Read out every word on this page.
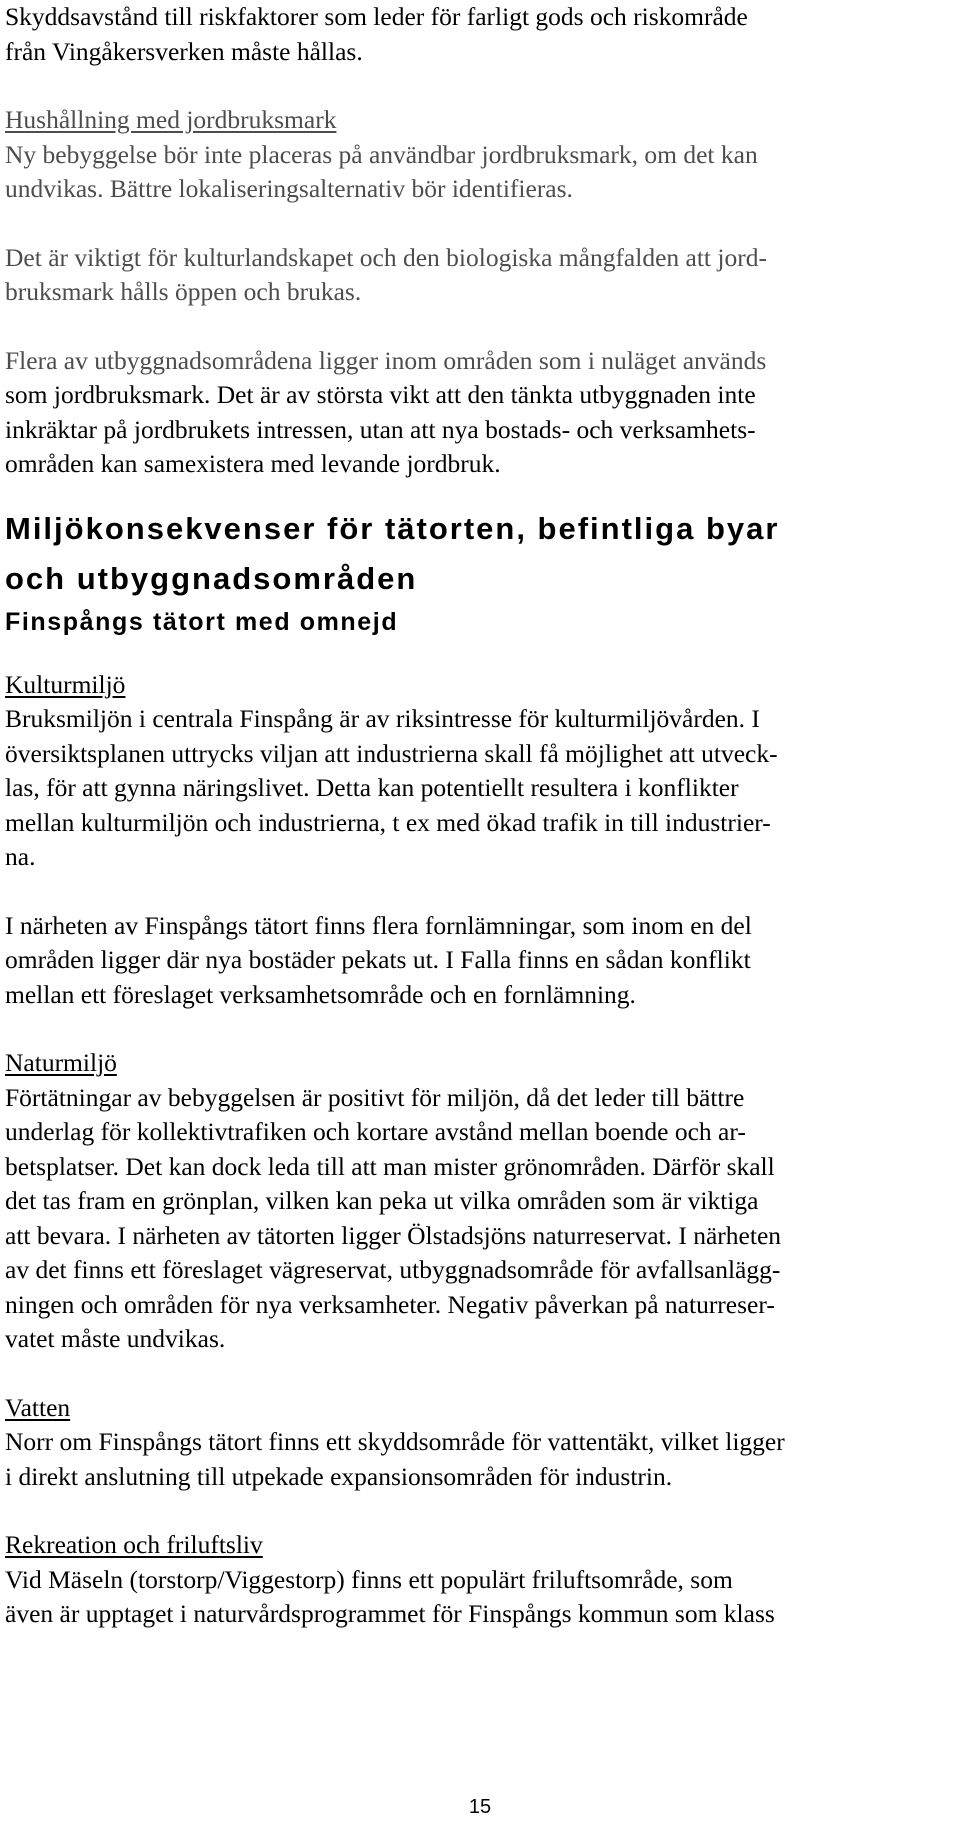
Skyddsavstånd till riskfaktorer som leder för farligt gods och riskområde
från Vingåkersverken måste hållas.
Hushållning med jordbruksmark
Ny bebyggelse bör inte placeras på användbar jordbruksmark, om det kan
undvikas. Bättre lokaliseringsalternativ bör identifieras.
Det är viktigt för kulturlandskapet och den biologiska mångfalden att jord-
bruksmark hålls öppen och brukas.
Flera av utbyggnadsområdena ligger inom områden som i nuläget används
som jordbruksmark. Det är av största vikt att den tänkta utbyggnaden inte
inkräktar på jordbrukets intressen, utan att nya bostads- och verksamhets-
områden kan samexistera med levande jordbruk.
Miljökonsekvenser för tätorten, befintliga byar
och utbyggnadsområden
Finspångs tätort med omnejd
Kulturmiljö
Bruksmiljön i centrala Finspång är av riksintresse för kulturmiljövården. I
översiktsplanen uttrycks viljan att industrierna skall få möjlighet att utveck-
las, för att gynna näringslivet. Detta kan potentiellt resultera i konflikter
mellan kulturmiljön och industrierna, t ex med ökad trafik in till industrier-
na.
I närheten av Finspångs tätort finns flera fornlämningar, som inom en del
områden ligger där nya bostäder pekats ut. I Falla finns en sådan konflikt
mellan ett föreslaget verksamhetsområde och en fornlämning.
Naturmiljö
Förtätningar av bebyggelsen är positivt för miljön, då det leder till bättre
underlag för kollektivtrafiken och kortare avstånd mellan boende och ar-
betsplatser. Det kan dock leda till att man mister grönområden. Därför skall
det tas fram en grönplan, vilken kan peka ut vilka områden som är viktiga
att bevara. I närheten av tätorten ligger Ölstadsjöns naturreservat. I närheten
av det finns ett föreslaget vägreservat, utbyggnadsområde för avfallsanlägg-
ningen och områden för nya verksamheter. Negativ påverkan på naturreser-
vatet måste undvikas.
Vatten
Norr om Finspångs tätort finns ett skyddsområde för vattentäkt, vilket ligger
i direkt anslutning till utpekade expansionsområden för industrin.
Rekreation och friluftsliv
Vid Mäseln (torstorp/Viggestorp) finns ett populärt friluftsområde, som
även är upptaget i naturvårdsprogrammet för Finspångs kommun som klass
15
